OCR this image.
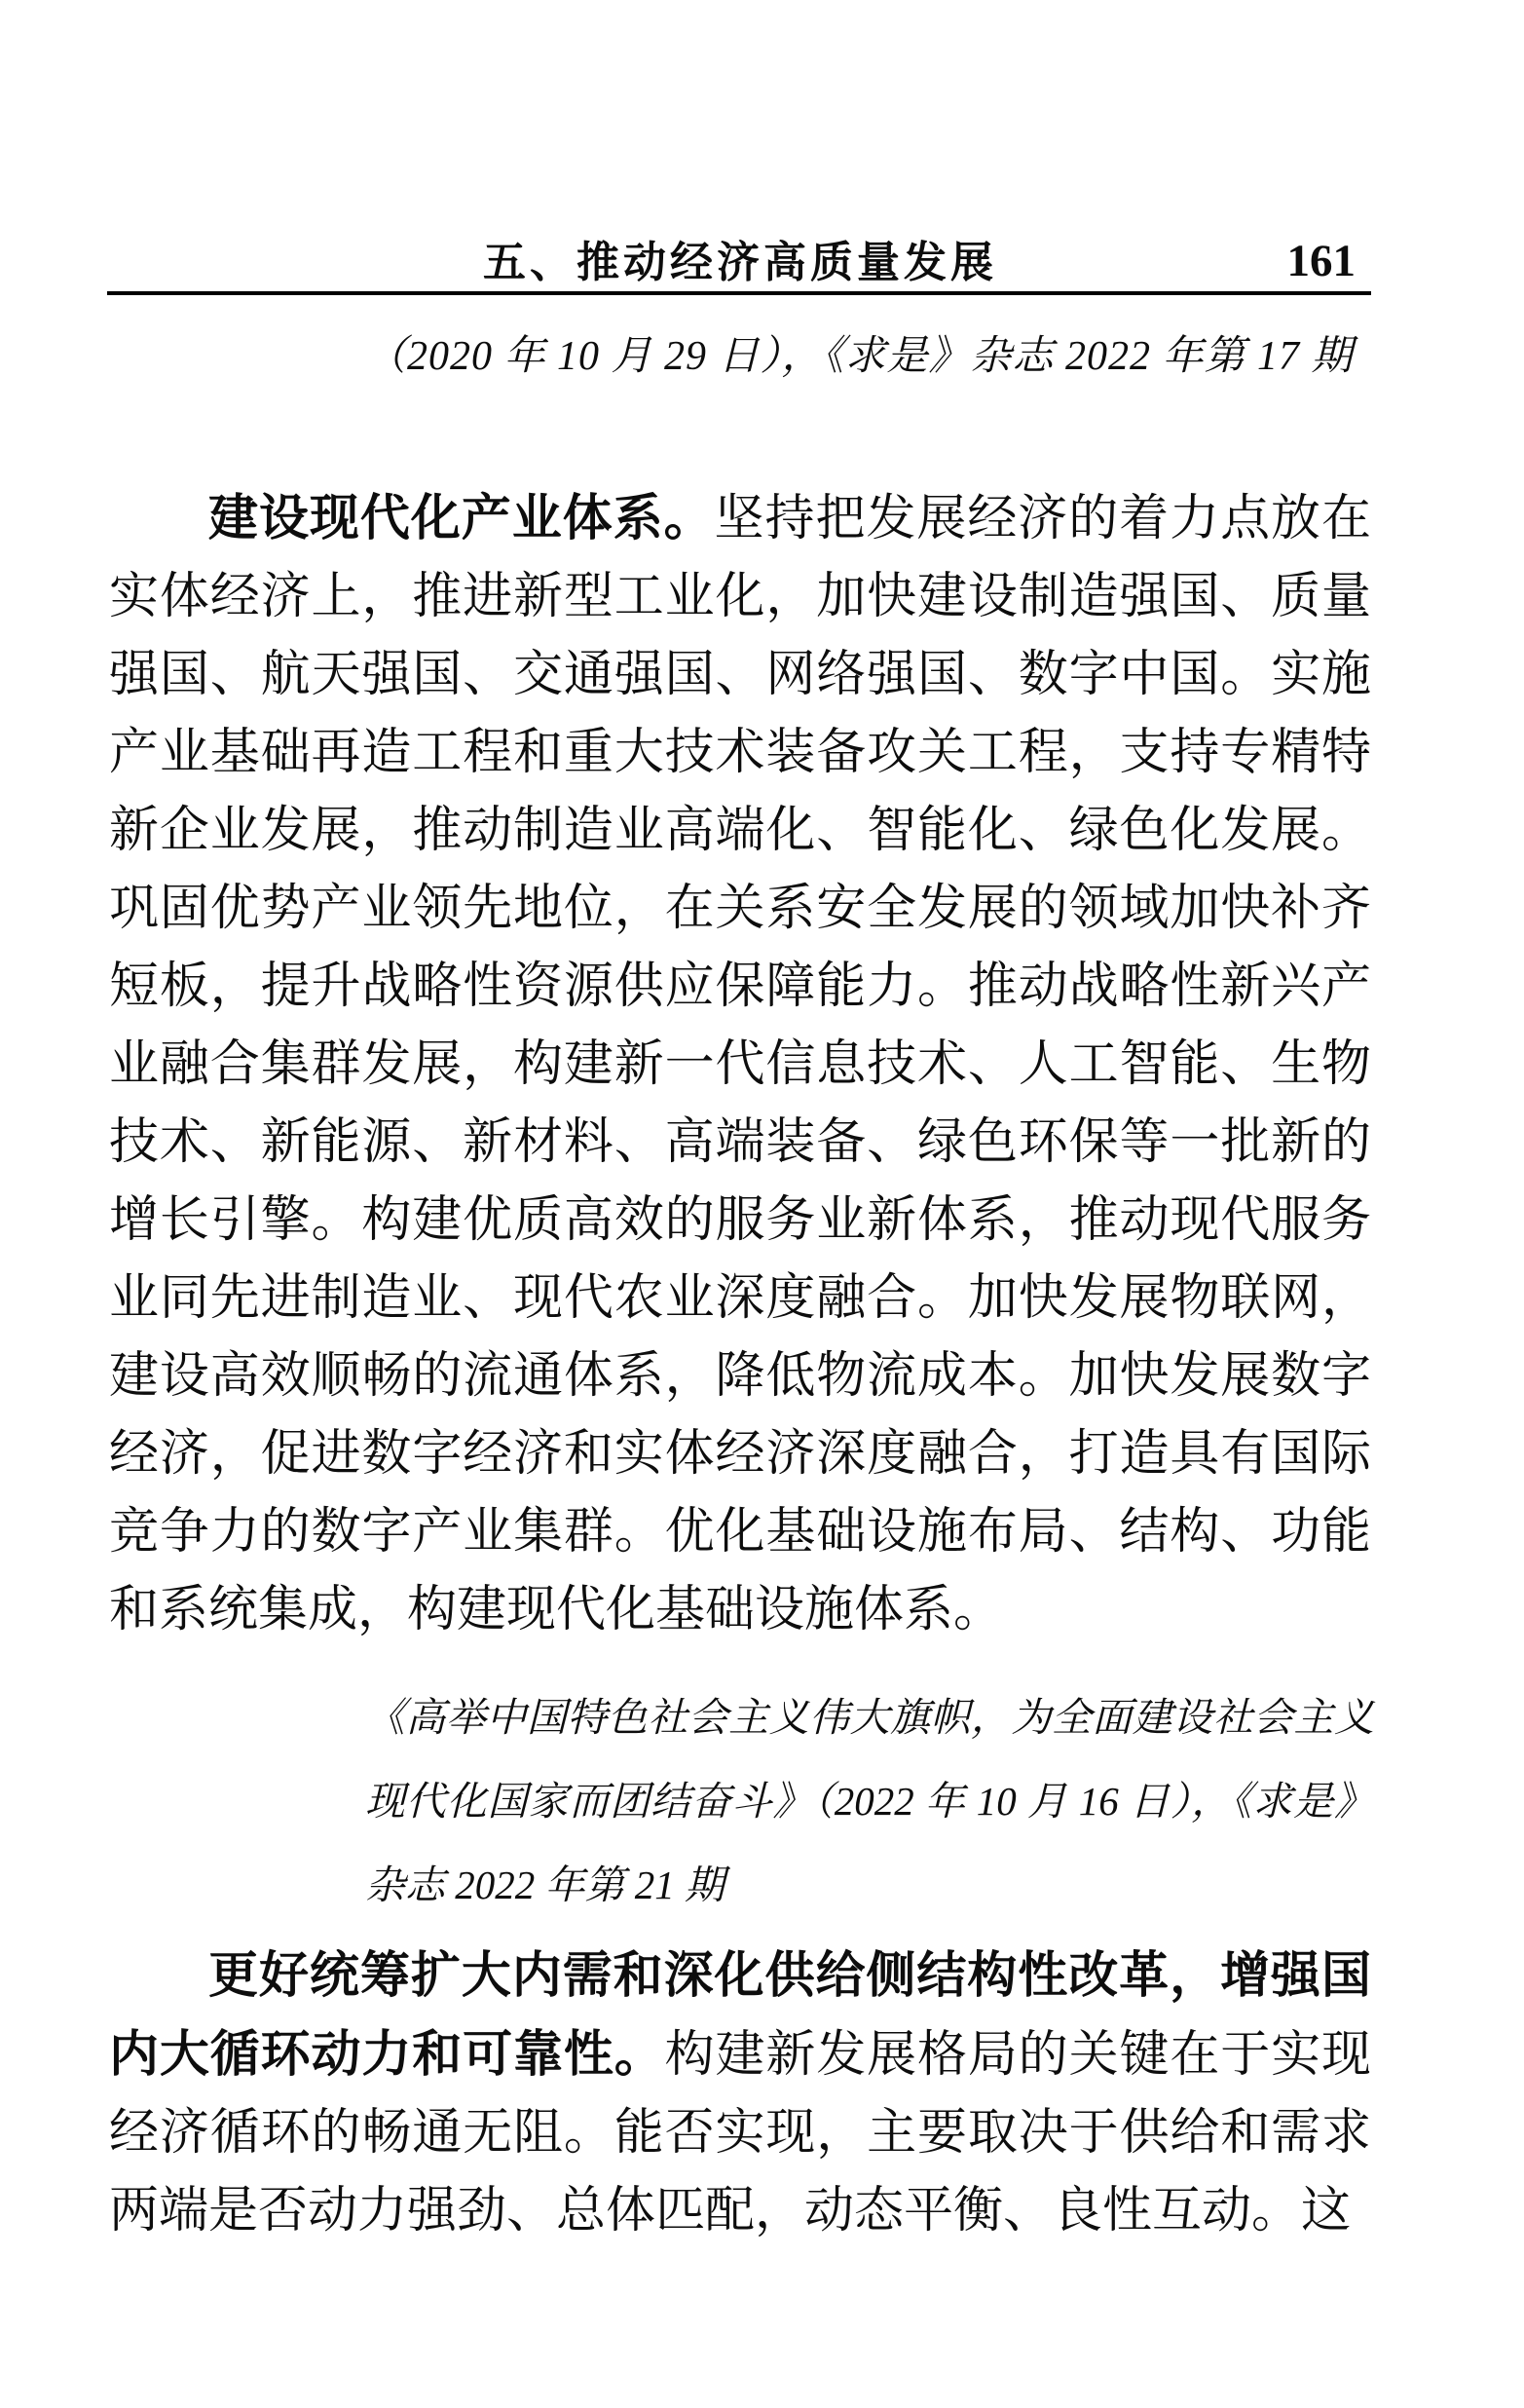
五、推动经济高质量发展	161
（2020 年 10 月 29 日），《求是》杂志 2022 年第 17 期
建设现代化产业体系。坚持把发展经济的着力点放在实体经济上，推进新型工业化，加快建设制造强国、质量强国、航天强国、交通强国、网络强国、数字中国。实施产业基础再造工程和重大技术装备攻关工程，支持专精特新企业发展，推动制造业高端化、智能化、绿色化发展。巩固优势产业领先地位，在关系安全发展的领域加快补齐短板，提升战略性资源供应保障能力。推动战略性新兴产业融合集群发展，构建新一代信息技术、人工智能、生物技术、新能源、新材料、高端装备、绿色环保等一批新的增长引擎。构建优质高效的服务业新体系，推动现代服务业同先进制造业、现代农业深度融合。加快发展物联网，建设高效顺畅的流通体系，降低物流成本。加快发展数字经济，促进数字经济和实体经济深度融合，打造具有国际竞争力的数字产业集群。优化基础设施布局、结构、功能和系统集成，构建现代化基础设施体系。
《高举中国特色社会主义伟大旗帜，为全面建设社会主义现代化国家而团结奋斗》（2022 年 10 月 16 日），《求是》杂志 2022 年第 21 期
更好统筹扩大内需和深化供给侧结构性改革，增强国内大循环动力和可靠性。构建新发展格局的关键在于实现经济循环的畅通无阻。能否实现，主要取决于供给和需求两端是否动力强劲、总体匹配，动态平衡、良性互动。这
